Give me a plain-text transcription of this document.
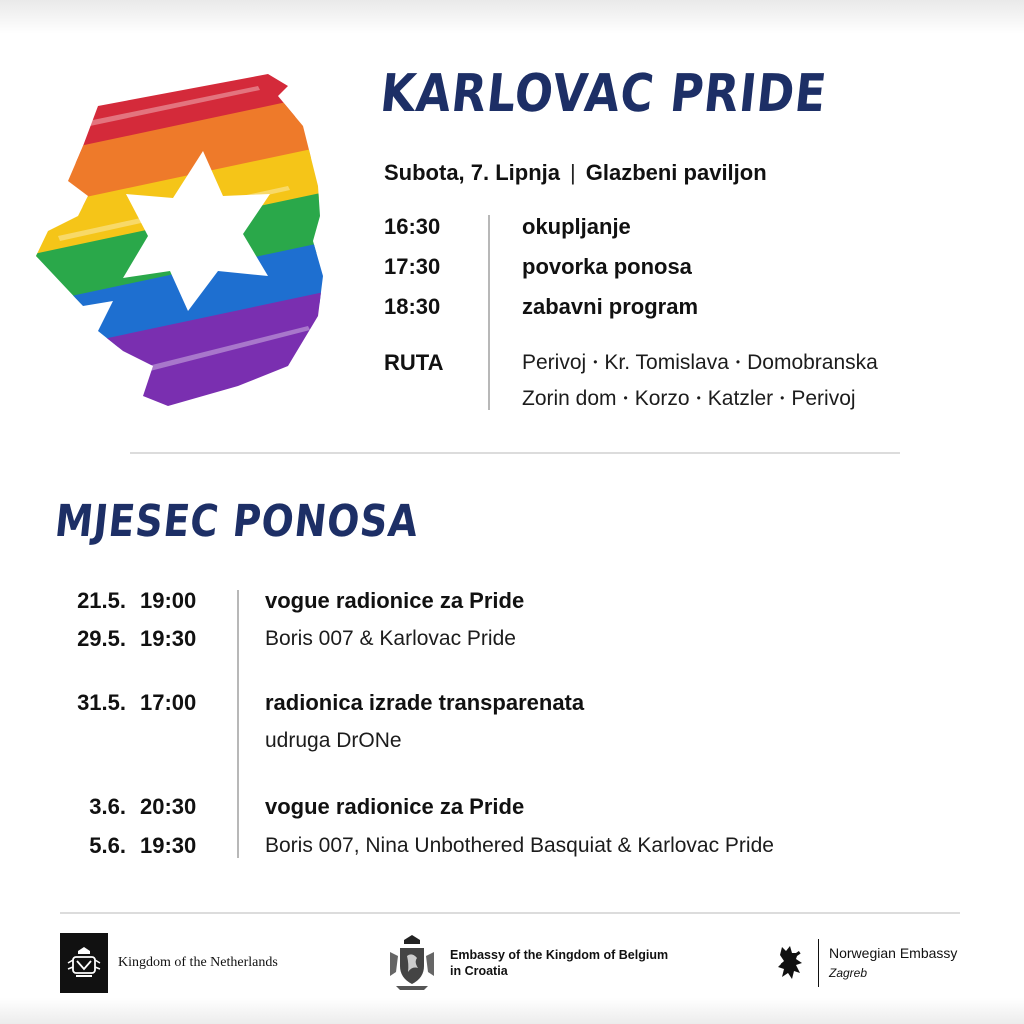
KARLOVAC PRIDE
Subota, 7. Lipnja | Glazbeni paviljon
16:30	okupljanje
17:30	povorka ponosa
18:30	zabavni program
RUTA	Perivoj • Kr. Tomislava • Domobranska
Zorin dom • Korzo • Katzler • Perivoj
MJESEC PONOSA
21.5. 19:00	vogue radionice za Pride
29.5. 19:30	Boris 007 & Karlovac Pride
31.5. 17:00	radionica izrade transparenata
udruga DrONe
3.6. 20:30	vogue radionice za Pride
5.6. 19:30	Boris 007, Nina Unbothered Basquiat & Karlovac Pride
Kingdom of the Netherlands	Embassy of the Kingdom of Belgium
in Croatia
Norwegian Embassy
Zagreb
